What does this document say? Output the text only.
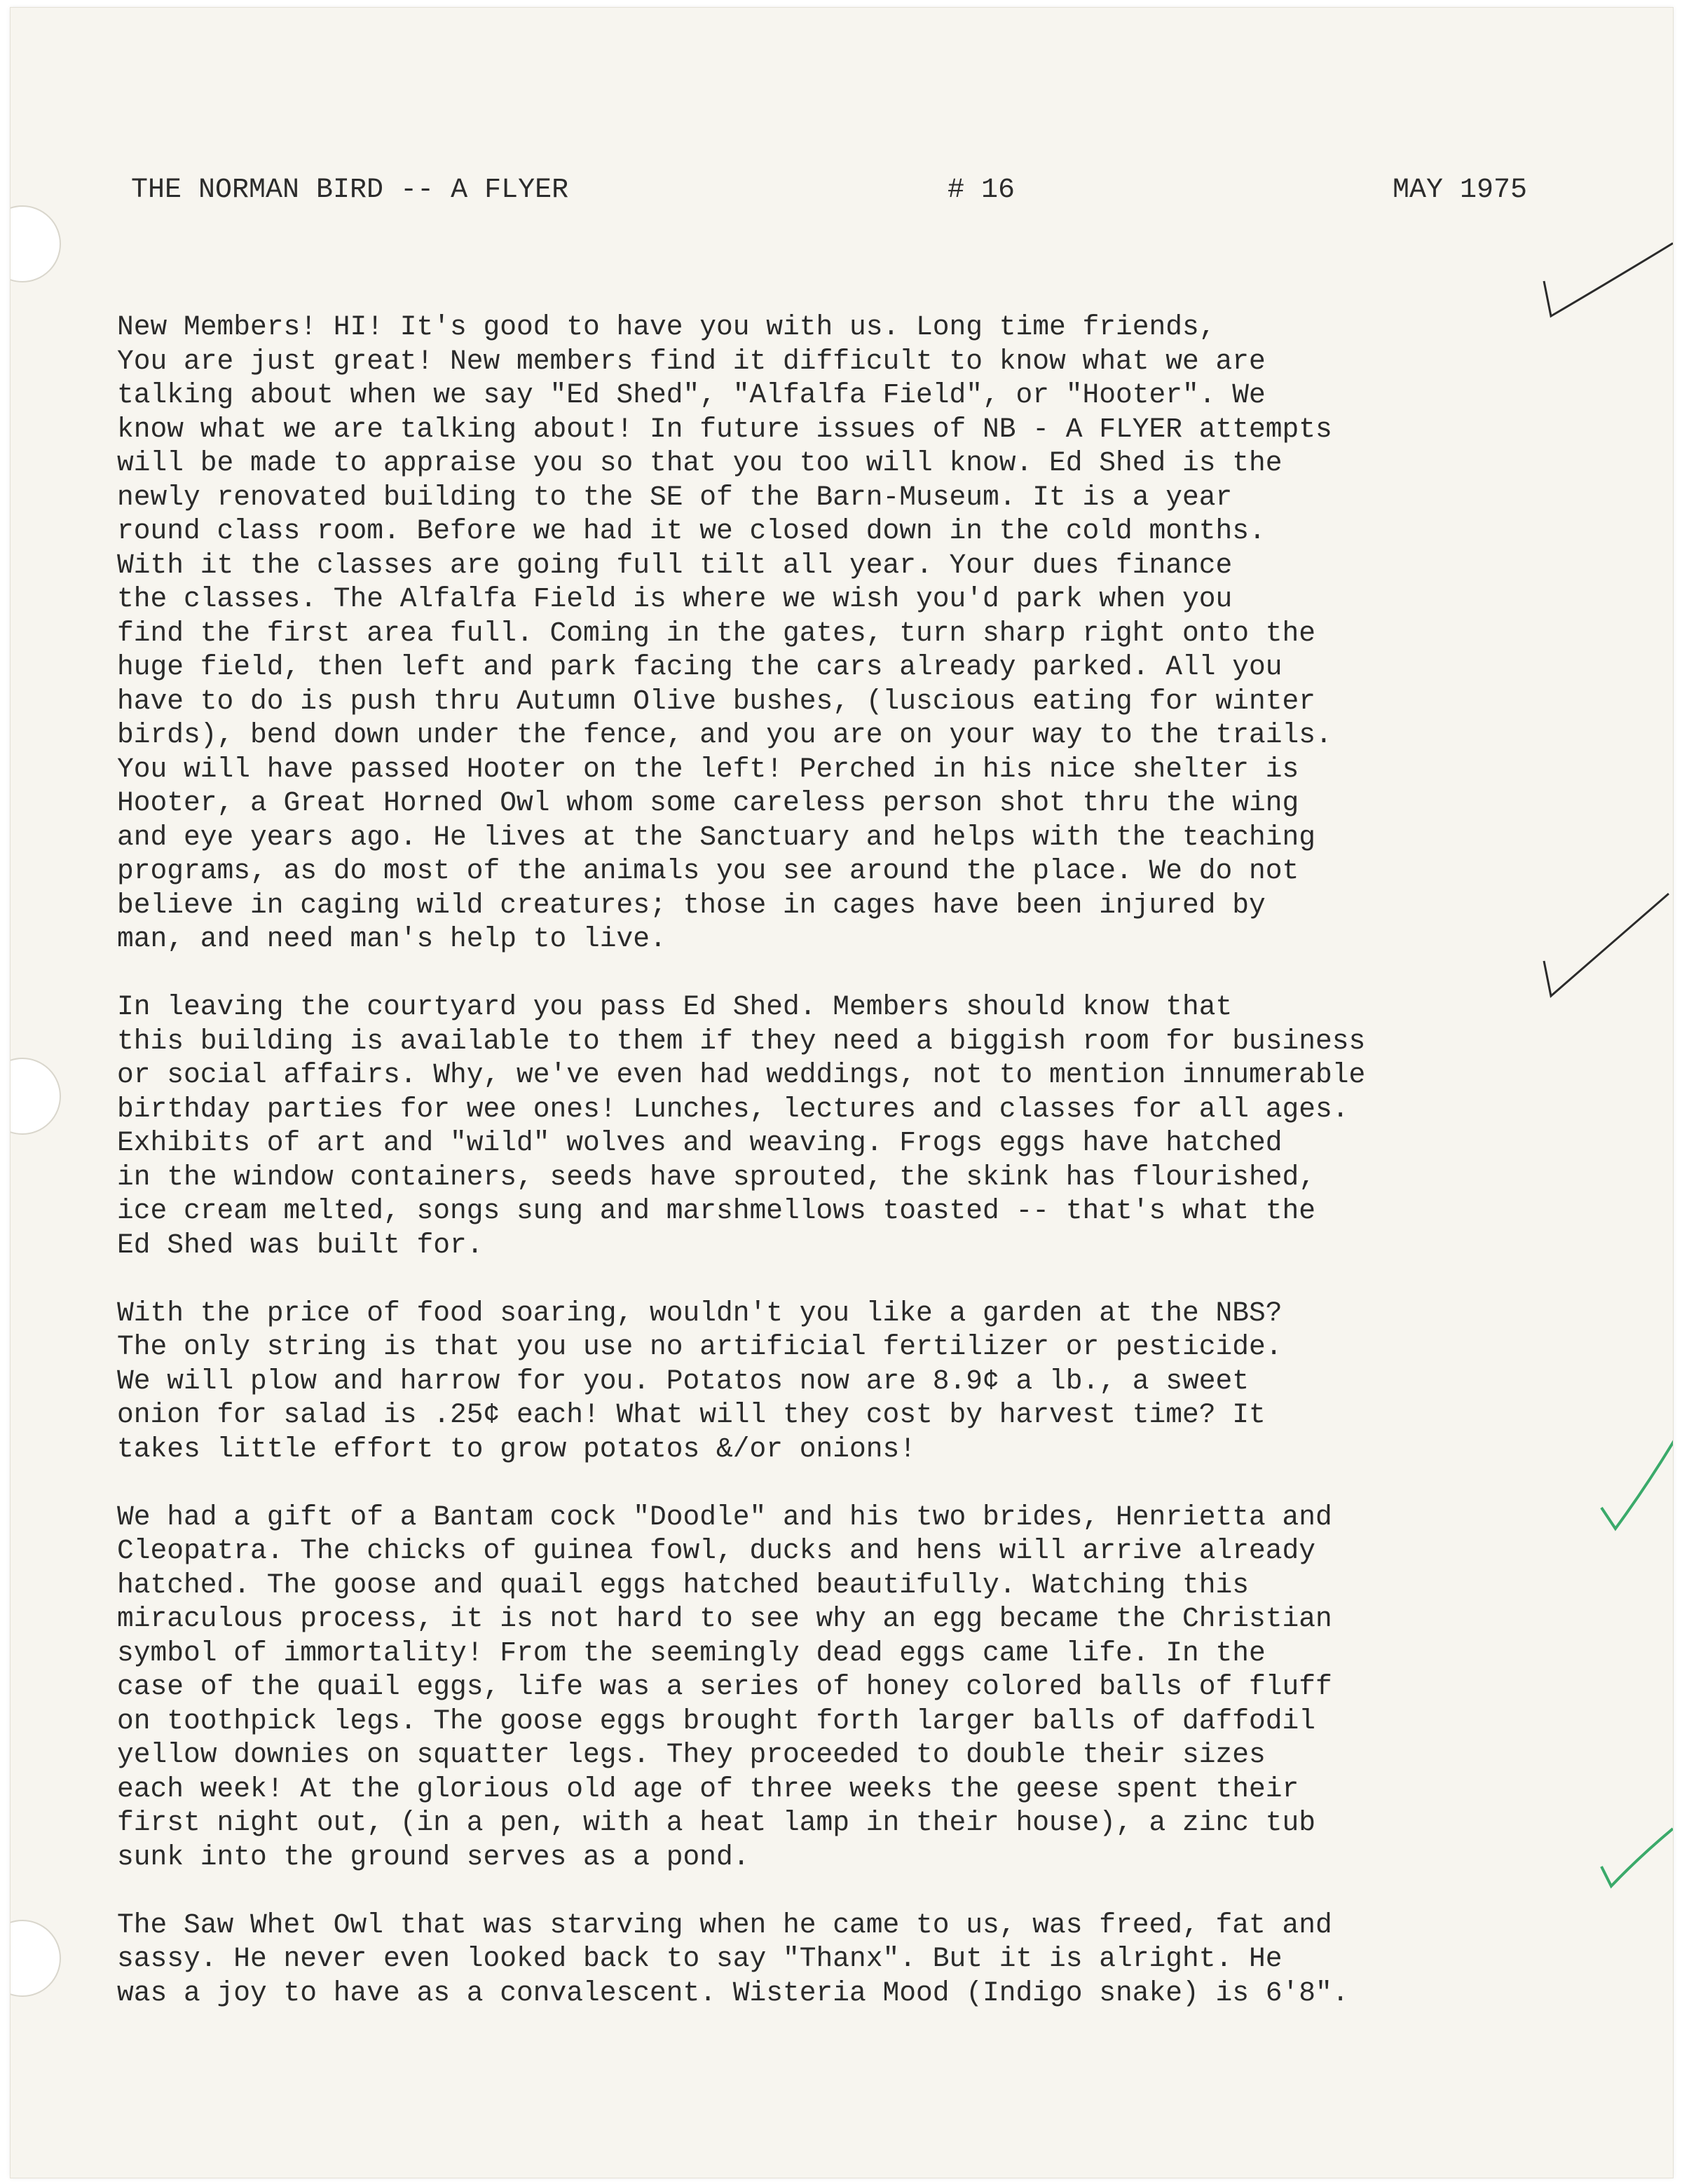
THE NORMAN BIRD -- A FLYER	# 16	MAY 1975
New Members! HI! It's good to have you with us. Long time friends,
You are just great! New members find it difficult to know what we are
talking about when we say "Ed Shed", "Alfalfa Field", or "Hooter". We
know what we are talking about! In future issues of NB - A FLYER attempts
will be made to appraise you so that you too will know. Ed Shed is the
newly renovated building to the SE of the Barn-Museum. It is a year
round class room. Before we had it we closed down in the cold months.
With it the classes are going full tilt all year. Your dues finance
the classes. The Alfalfa Field is where we wish you'd park when you
find the first area full. Coming in the gates, turn sharp right onto the
huge field, then left and park facing the cars already parked. All you
have to do is push thru Autumn Olive bushes, (luscious eating for winter
birds), bend down under the fence, and you are on your way to the trails.
You will have passed Hooter on the left! Perched in his nice shelter is
Hooter, a Great Horned Owl whom some careless person shot thru the wing
and eye years ago. He lives at the Sanctuary and helps with the teaching
programs, as do most of the animals you see around the place. We do not
believe in caging wild creatures; those in cages have been injured by
man, and need man's help to live.
In leaving the courtyard you pass Ed Shed. Members should know that
this building is available to them if they need a biggish room for business
or social affairs. Why, we've even had weddings, not to mention innumerable
birthday parties for wee ones! Lunches, lectures and classes for all ages.
Exhibits of art and "wild" wolves and weaving. Frogs eggs have hatched
in the window containers, seeds have sprouted, the skink has flourished,
ice cream melted, songs sung and marshmellows toasted -- that's what the
Ed Shed was built for.
With the price of food soaring, wouldn't you like a garden at the NBS?
The only string is that you use no artificial fertilizer or pesticide.
We will plow and harrow for you. Potatos now are 8.9¢ a lb., a sweet
onion for salad is .25¢ each! What will they cost by harvest time? It
takes little effort to grow potatos &/or onions!
We had a gift of a Bantam cock "Doodle" and his two brides, Henrietta and
Cleopatra. The chicks of guinea fowl, ducks and hens will arrive already
hatched. The goose and quail eggs hatched beautifully. Watching this
miraculous process, it is not hard to see why an egg became the Christian
symbol of immortality! From the seemingly dead eggs came life. In the
case of the quail eggs, life was a series of honey colored balls of fluff
on toothpick legs. The goose eggs brought forth larger balls of daffodil
yellow downies on squatter legs. They proceeded to double their sizes
each week! At the glorious old age of three weeks the geese spent their
first night out, (in a pen, with a heat lamp in their house), a zinc tub
sunk into the ground serves as a pond.
The Saw Whet Owl that was starving when he came to us, was freed, fat and
sassy. He never even looked back to say "Thanx". But it is alright. He
was a joy to have as a convalescent. Wisteria Mood (Indigo snake) is 6'8".
